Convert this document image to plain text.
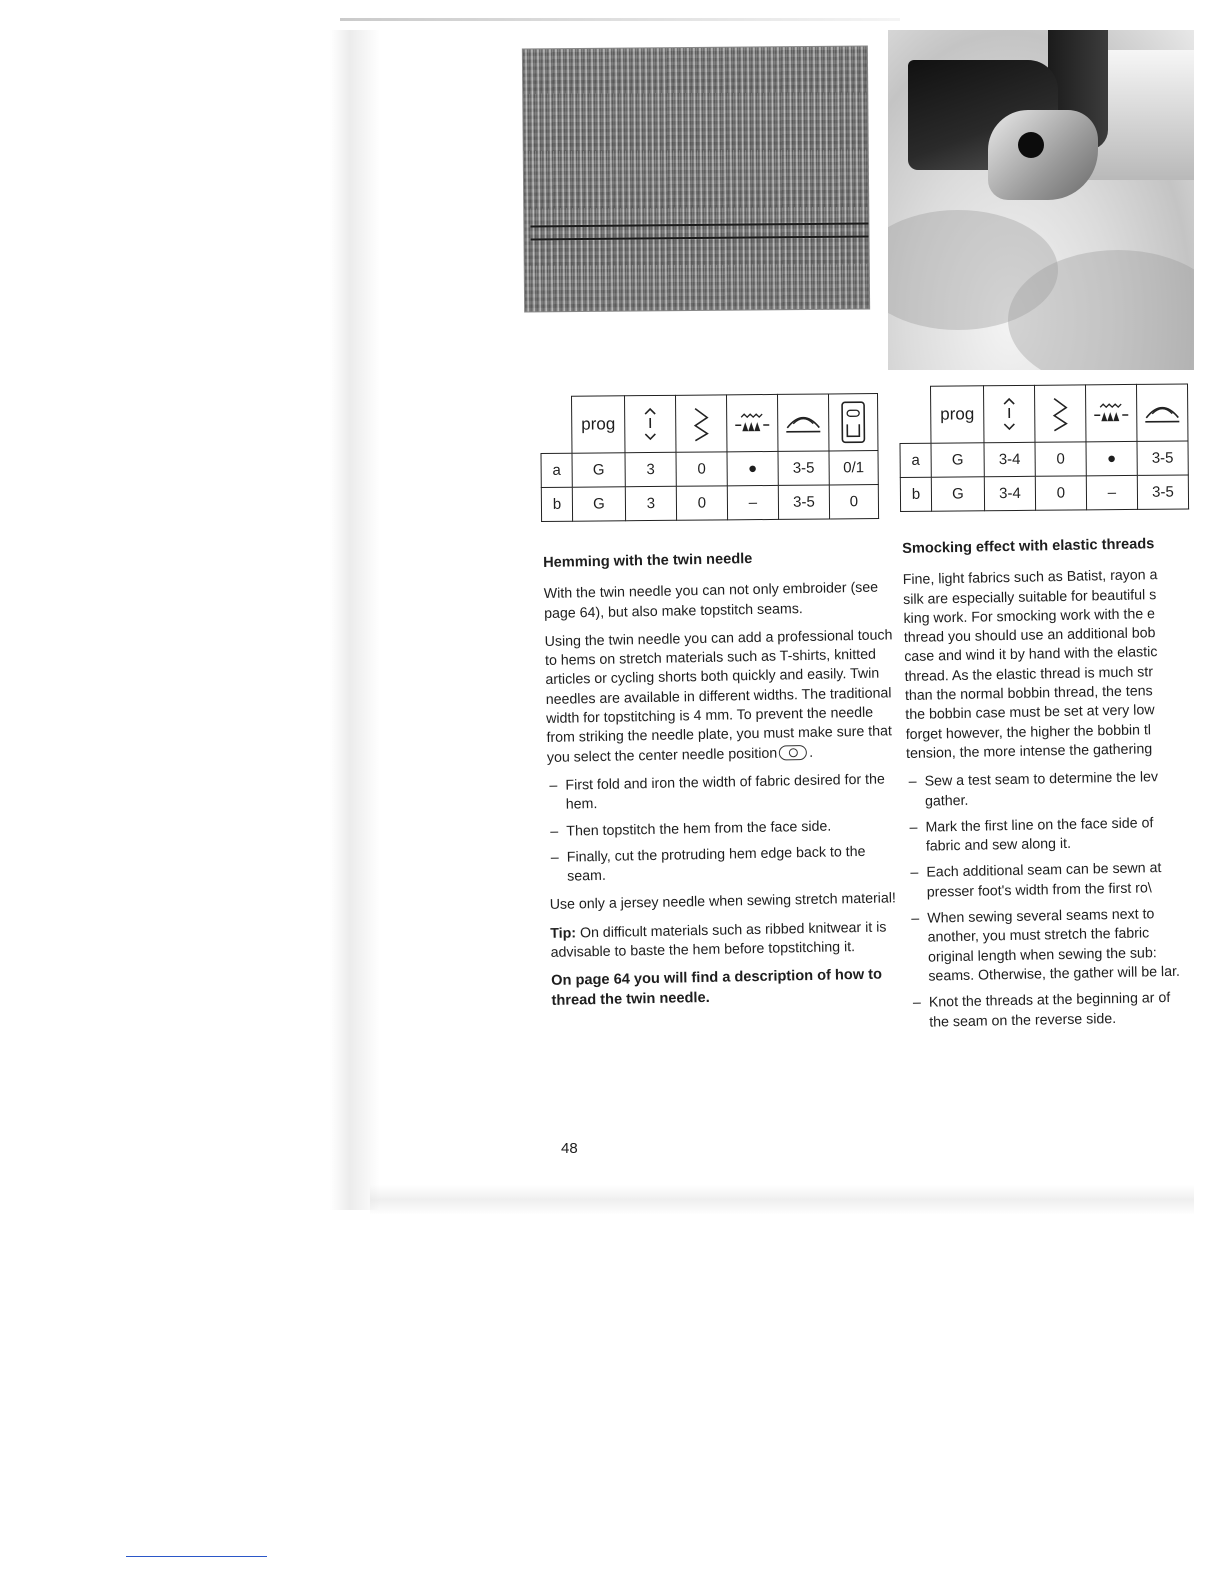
	prog	

a	G	3	0	●	3-5	0/1
b	G	3	0	–	3-5	0
	prog	

a	G	3-4	0	●	3-5
b	G	3-4	0	–	3-5
Hemming with the twin needle

With the twin needle you can not only embroider (see page 64), but also make topstitch seams.

Using the twin needle you can add a professional touch to hems on stretch materials such as T-shirts, knitted articles or cycling shorts both quickly and easily. Twin needles are available in different widths. The traditional width for topstitching is 4 mm. To prevent the needle from striking the needle plate, you must make sure that you select the center needle position .

– First fold and iron the width of fabric desired for the hem.
– Then topstitch the hem from the face side.
– Finally, cut the protruding hem edge back to the seam.

Use only a jersey needle when sewing stretch material!

Tip: On difficult materials such as ribbed knitwear it is advisable to baste the hem before topstitching it.

On page 64 you will find a description of how to thread the twin needle.

Smocking effect with elastic threads

Fine, light fabrics such as Batist, rayon a
silk are especially suitable for beautiful s
king work. For smocking work with the e
thread you should use an additional bob
case and wind it by hand with the elastic
thread. As the elastic thread is much str
than the normal bobbin thread, the tens
the bobbin case must be set at very low
forget however, the higher the bobbin tl
tension, the more intense the gathering

– Sew a test seam to determine the lev gather.
– Mark the first line on the face side of fabric and sew along it.
– Each additional seam can be sewn at presser foot's width from the first ro\
– When sewing several seams next to another, you must stretch the fabric original length when sewing the sub: seams. Otherwise, the gather will be lar.
– Knot the threads at the beginning ar of the seam on the reverse side.
48
